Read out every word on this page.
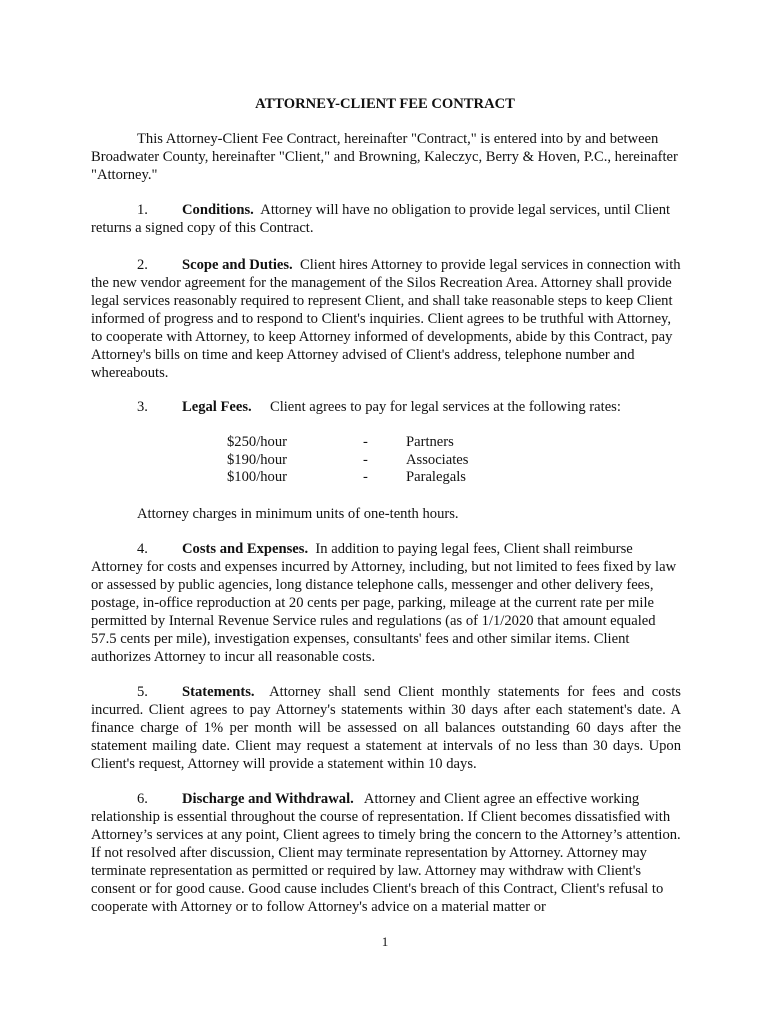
ATTORNEY-CLIENT FEE CONTRACT

This Attorney-Client Fee Contract, hereinafter "Contract," is entered into by and between Broadwater County, hereinafter "Client," and Browning, Kaleczyc, Berry & Hoven, P.C., hereinafter "Attorney."

1. Conditions. Attorney will have no obligation to provide legal services, until Client returns a signed copy of this Contract.

2. Scope and Duties. Client hires Attorney to provide legal services in connection with the new vendor agreement for the management of the Silos Recreation Area. Attorney shall provide legal services reasonably required to represent Client, and shall take reasonable steps to keep Client informed of progress and to respond to Client's inquiries. Client agrees to be truthful with Attorney, to cooperate with Attorney, to keep Attorney informed of developments, abide by this Contract, pay Attorney's bills on time and keep Attorney advised of Client's address, telephone number and whereabouts.

3. Legal Fees. Client agrees to pay for legal services at the following rates:

$250/hour	-	Partners
$190/hour	-	Associates
$100/hour	-	Paralegals

Attorney charges in minimum units of one-tenth hours.

4. Costs and Expenses. In addition to paying legal fees, Client shall reimburse Attorney for costs and expenses incurred by Attorney, including, but not limited to fees fixed by law or assessed by public agencies, long distance telephone calls, messenger and other delivery fees, postage, in-office reproduction at 20 cents per page, parking, mileage at the current rate per mile permitted by Internal Revenue Service rules and regulations (as of 1/1/2020 that amount equaled 57.5 cents per mile), investigation expenses, consultants' fees and other similar items. Client authorizes Attorney to incur all reasonable costs.

5. Statements. Attorney shall send Client monthly statements for fees and costs incurred. Client agrees to pay Attorney's statements within 30 days after each statement's date. A finance charge of 1% per month will be assessed on all balances outstanding 60 days after the statement mailing date. Client may request a statement at intervals of no less than 30 days. Upon Client's request, Attorney will provide a statement within 10 days.

6. Discharge and Withdrawal. Attorney and Client agree an effective working relationship is essential throughout the course of representation. If Client becomes dissatisfied with Attorney’s services at any point, Client agrees to timely bring the concern to the Attorney’s attention. If not resolved after discussion, Client may terminate representation by Attorney. Attorney may terminate representation as permitted or required by law. Attorney may withdraw with Client's consent or for good cause. Good cause includes Client's breach of this Contract, Client's refusal to cooperate with Attorney or to follow Attorney's advice on a material matter or

1
